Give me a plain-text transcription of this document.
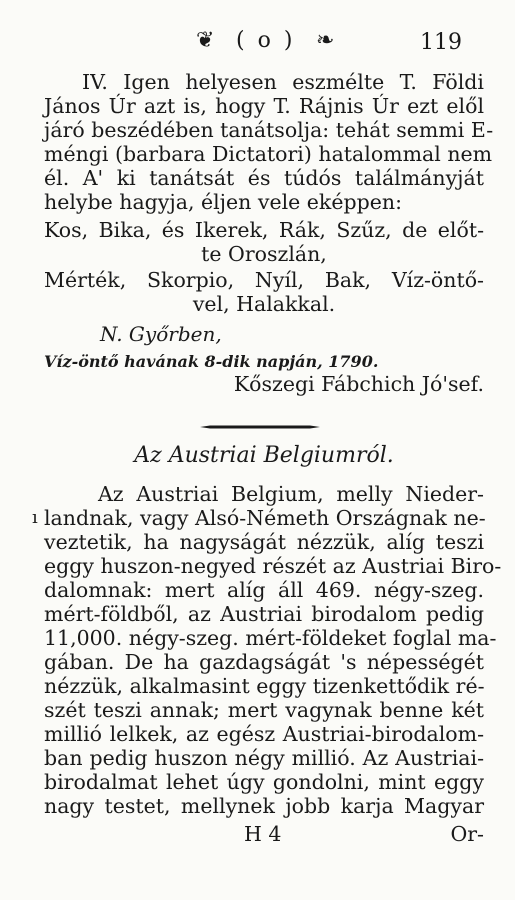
❦ ( o ) ❧	119
IV. Igen helyesen eszmélte T. Földi
János Úr azt is, hogy T. Rájnis Úr ezt elől
járó beszédében tanátsolja: tehát semmi E-
méngi (barbara Dictatori) hatalommal nem
él. A' ki tanátsát és túdós találmányját
helybe hagyja, éljen vele eképpen:
Kos, Bika, és Ikerek, Rák, Szűz, de előt-
te Oroszlán,
Mérték, Skorpio, Nyíl, Bak, Víz-öntő-
vel, Halakkal.
N. Győrben,
Víz-öntő havának 8-dik napján, 1790.
Kőszegi Fábchich Jó'sef.
Az Austriai Belgiumról.
ı
Az Austriai Belgium, melly Nieder-
landnak, vagy Alsó-Németh Országnak ne-
veztetik, ha nagyságát nézzük, alíg teszi
eggy huszon-negyed részét az Austriai Biro-
dalomnak: mert alíg áll 469. négy-szeg.
mért-földből, az Austriai birodalom pedig
11,000. négy-szeg. mért-földeket foglal ma-
gában. De ha gazdagságát 's népességét
nézzük, alkalmasint eggy tizenkettődik ré-
szét teszi annak; mert vagynak benne két
millió lelkek, az egész Austriai-birodalom-
ban pedig huszon négy millió. Az Austriai-
birodalmat lehet úgy gondolni, mint eggy
nagy testet, mellynek jobb karja Magyar
H 4	Or-
